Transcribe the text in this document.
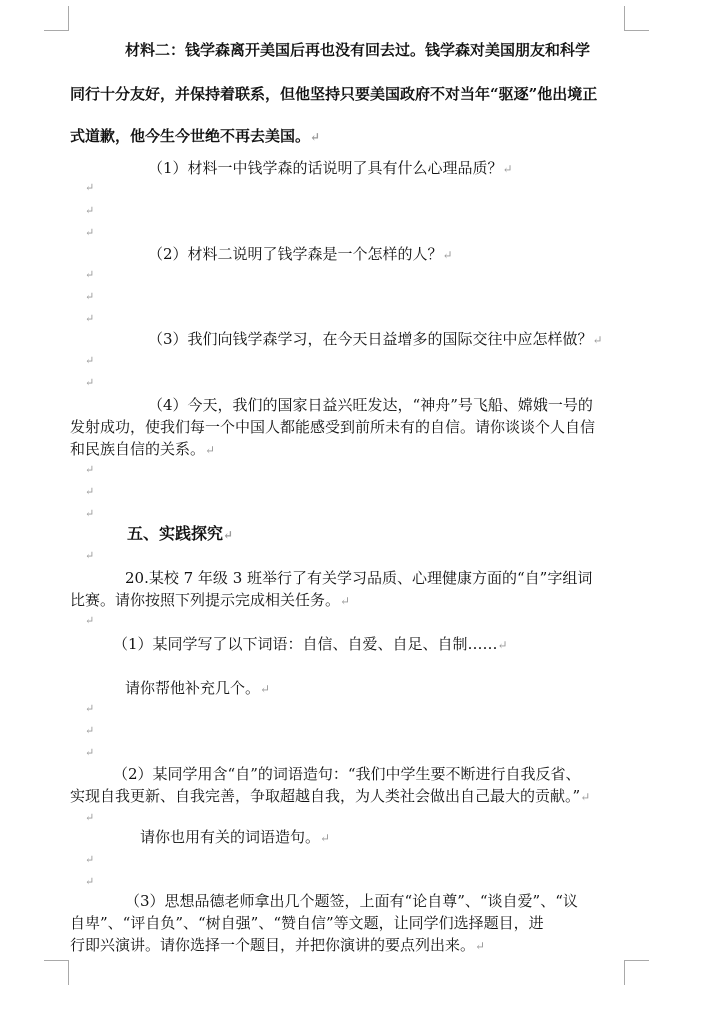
材料二：钱学森离开美国后再也没有回去过。钱学森对美国朋友和科学
同行十分友好，并保持着联系，但他坚持只要美国政府不对当年“驱逐”他出境正
式道歉，他今生今世绝不再去美国。↵
（1）材料一中钱学森的话说明了具有什么心理品质？↵
↵
↵
↵
（2）材料二说明了钱学森是一个怎样的人？↵
↵
↵
↵
（3）我们向钱学森学习，在今天日益增多的国际交往中应怎样做？↵
↵
↵
（4）今天，我们的国家日益兴旺发达，“神舟”号飞船、嫦娥一号的
发射成功，使我们每一个中国人都能感受到前所未有的自信。请你谈谈个人自信
和民族自信的关系。↵
↵
↵
↵
五、实践探究↵
↵
20.某校 7 年级 3 班举行了有关学习品质、心理健康方面的“自”字组词
比赛。请你按照下列提示完成相关任务。↵
↵
（1）某同学写了以下词语：自信、自爱、自足、自制……↵
请你帮他补充几个。↵
↵
↵
↵
（2）某同学用含“自”的词语造句：“我们中学生要不断进行自我反省、
实现自我更新、自我完善，争取超越自我，为人类社会做出自己最大的贡献。”↵
↵
请你也用有关的词语造句。↵
↵
↵
（3）思想品德老师拿出几个题签，上面有“论自尊”、“谈自爱”、“议
自卑”、“评自负”、“树自强”、“赞自信”等文题，让同学们选择题目，进
行即兴演讲。请你选择一个题目，并把你演讲的要点列出来。↵
